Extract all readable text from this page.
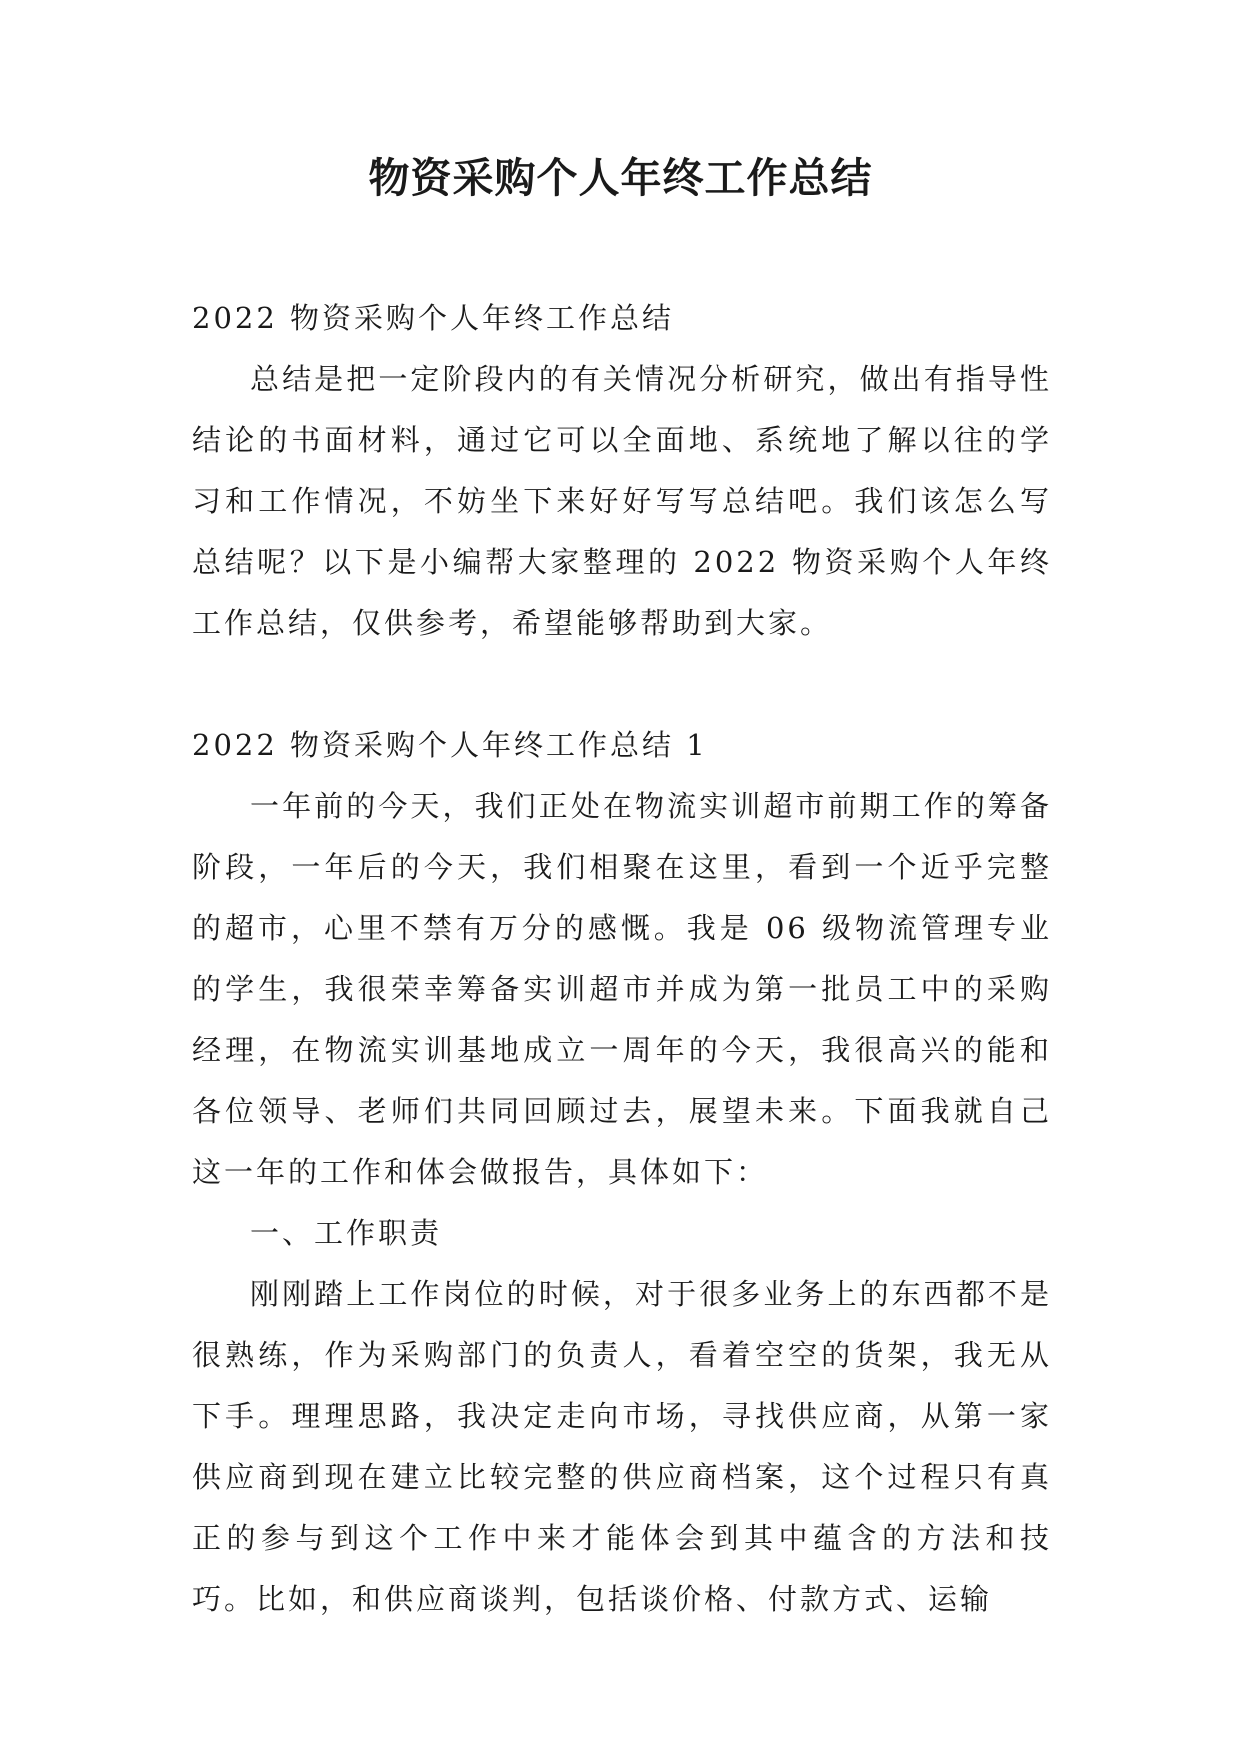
物资采购个人年终工作总结

2022 物资采购个人年终工作总结

总结是把一定阶段内的有关情况分析研究，做出有指导性结论的书面材料，通过它可以全面地、系统地了解以往的学习和工作情况，不妨坐下来好好写写总结吧。我们该怎么写总结呢？以下是小编帮大家整理的 2022 物资采购个人年终工作总结，仅供参考，希望能够帮助到大家。

2022 物资采购个人年终工作总结 1

一年前的今天，我们正处在物流实训超市前期工作的筹备阶段，一年后的今天，我们相聚在这里，看到一个近乎完整的超市，心里不禁有万分的感慨。我是 06 级物流管理专业的学生，我很荣幸筹备实训超市并成为第一批员工中的采购经理，在物流实训基地成立一周年的今天，我很高兴的能和各位领导、老师们共同回顾过去，展望未来。下面我就自己这一年的工作和体会做报告，具体如下：

一、工作职责

刚刚踏上工作岗位的时候，对于很多业务上的东西都不是很熟练，作为采购部门的负责人，看着空空的货架，我无从下手。理理思路，我决定走向市场，寻找供应商，从第一家供应商到现在建立比较完整的供应商档案，这个过程只有真正的参与到这个工作中来才能体会到其中蕴含的方法和技巧。比如，和供应商谈判，包括谈价格、付款方式、运输
